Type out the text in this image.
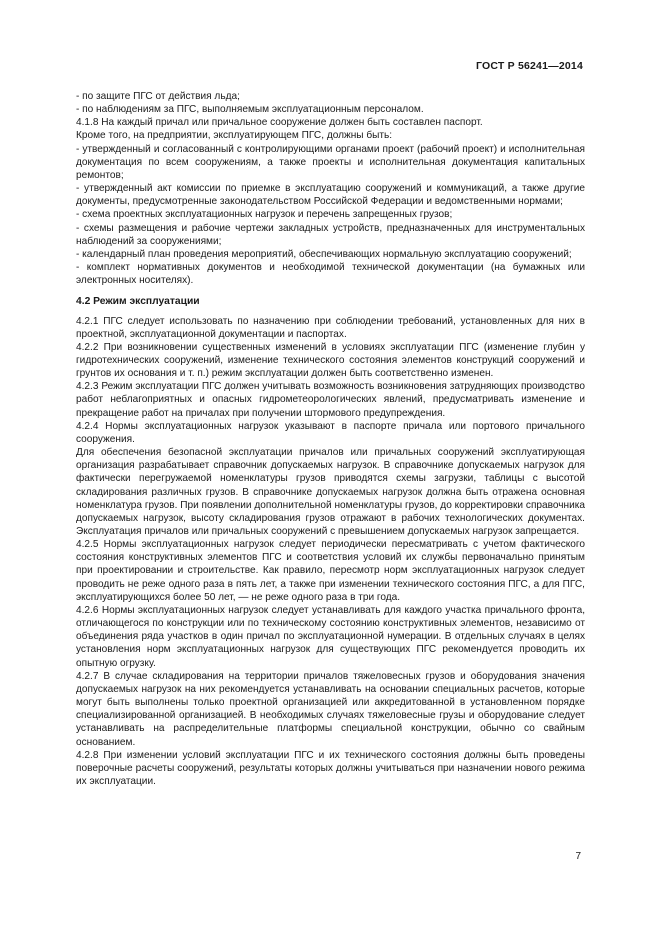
ГОСТ Р 56241—2014

- по защите ПГС от действия льда;

- по наблюдениям за ПГС, выполняемым эксплуатационным персоналом.

4.1.8 На каждый причал или причальное сооружение должен быть составлен паспорт.

Кроме того, на предприятии, эксплуатирующем ПГС, должны быть:

- утвержденный и согласованный с контролирующими органами проект (рабочий проект) и исполнительная документация по всем сооружениям, а также проекты и исполнительная документация капитальных ремонтов;

- утвержденный акт комиссии по приемке в эксплуатацию сооружений и коммуникаций, а также другие документы, предусмотренные законодательством Российской Федерации и ведомственными нормами;

- схема проектных эксплуатационных нагрузок и перечень запрещенных грузов;

- схемы размещения и рабочие чертежи закладных устройств, предназначенных для инструментальных наблюдений за сооружениями;

- календарный план проведения мероприятий, обеспечивающих нормальную эксплуатацию сооружений;

- комплект нормативных документов и необходимой технической документации (на бумажных или электронных носителях).

4.2 Режим эксплуатации

4.2.1 ПГС следует использовать по назначению при соблюдении требований, установленных для них в проектной, эксплуатационной документации и паспортах.

4.2.2 При возникновении существенных изменений в условиях эксплуатации ПГС (изменение глубин у гидротехнических сооружений, изменение технического состояния элементов конструкций сооружений и грунтов их основания и т. п.) режим эксплуатации должен быть соответственно изменен.

4.2.3 Режим эксплуатации ПГС должен учитывать возможность возникновения затрудняющих производство работ неблагоприятных и опасных гидрометеорологических явлений, предусматривать изменение и прекращение работ на причалах при получении штормового предупреждения.

4.2.4 Нормы эксплуатационных нагрузок указывают в паспорте причала или портового причального сооружения.

Для обеспечения безопасной эксплуатации причалов или причальных сооружений эксплуатирующая организация разрабатывает справочник допускаемых нагрузок. В справочнике допускаемых нагрузок для фактически перегружаемой номенклатуры грузов приводятся схемы загрузки, таблицы с высотой складирования различных грузов. В справочнике допускаемых нагрузок должна быть отражена основная номенклатура грузов. При появлении дополнительной номенклатуры грузов, до корректировки справочника допускаемых нагрузок, высоту складирования грузов отражают в рабочих технологических документах. Эксплуатация причалов или причальных сооружений с превышением допускаемых нагрузок запрещается.

4.2.5 Нормы эксплуатационных нагрузок следует периодически пересматривать с учетом фактического состояния конструктивных элементов ПГС и соответствия условий их службы первоначально принятым при проектировании и строительстве. Как правило, пересмотр норм эксплуатационных нагрузок следует проводить не реже одного раза в пять лет, а также при изменении технического состояния ПГС, а для ПГС, эксплуатирующихся более 50 лет, — не реже одного раза в три года.

4.2.6 Нормы эксплуатационных нагрузок следует устанавливать для каждого участка причального фронта, отличающегося по конструкции или по техническому состоянию конструктивных элементов, независимо от объединения ряда участков в один причал по эксплуатационной нумерации. В отдельных случаях в целях установления норм эксплуатационных нагрузок для существующих ПГС рекомендуется проводить их опытную огрузку.

4.2.7 В случае складирования на территории причалов тяжеловесных грузов и оборудования значения допускаемых нагрузок на них рекомендуется устанавливать на основании специальных расчетов, которые могут быть выполнены только проектной организацией или аккредитованной в установленном порядке специализированной организацией. В необходимых случаях тяжеловесные грузы и оборудование следует устанавливать на распределительные платформы специальной конструкции, обычно со свайным основанием.

4.2.8 При изменении условий эксплуатации ПГС и их технического состояния должны быть проведены поверочные расчеты сооружений, результаты которых должны учитываться при назначении нового режима их эксплуатации.

7
